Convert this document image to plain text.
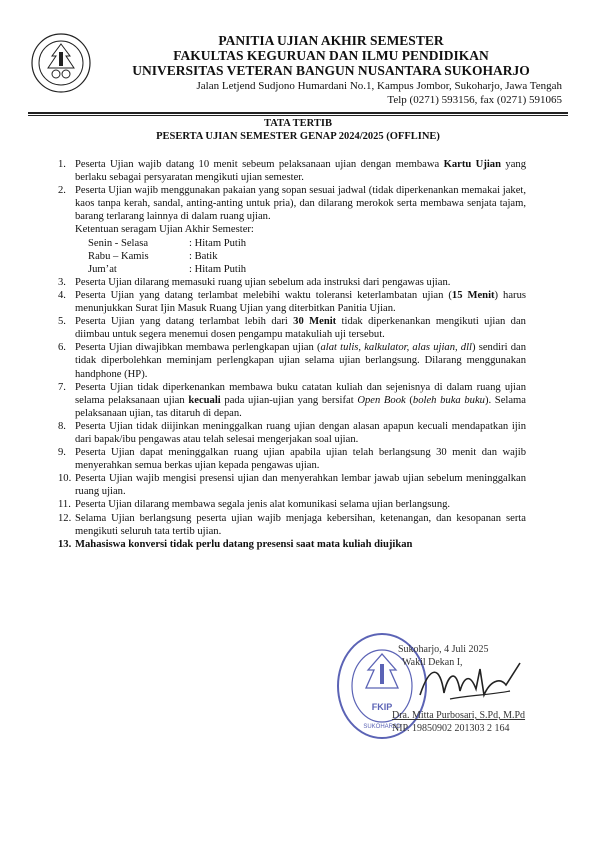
PANITIA UJIAN AKHIR SEMESTER
FAKULTAS KEGURUAN DAN ILMU PENDIDIKAN
UNIVERSITAS VETERAN BANGUN NUSANTARA SUKOHARJO
Jalan Letjend Sudjono Humardani No.1, Kampus Jombor, Sukoharjo, Jawa Tengah
Telp (0271) 593156, fax (0271) 591065
TATA TERTIB
PESERTA UJIAN SEMESTER GENAP 2024/2025 (OFFLINE)
1. Peserta Ujian wajib datang 10 menit sebeum pelaksanaan ujian dengan membawa Kartu Ujian yang berlaku sebagai persyaratan mengikuti ujian semester.
2. Peserta Ujian wajib menggunakan pakaian yang sopan sesuai jadwal (tidak diperkenankan memakai jaket, kaos tanpa kerah, sandal, anting-anting untuk pria), dan dilarang merokok serta membawa senjata tajam, barang terlarang lainnya di dalam ruang ujian.
Ketentuan seragam Ujian Akhir Semester:
Senin - Selasa	: Hitam Putih
Rabu – Kamis	: Batik
Jum’at	: Hitam Putih
3. Peserta Ujian dilarang memasuki ruang ujian sebelum ada instruksi dari pengawas ujian.
4. Peserta Ujian yang datang terlambat melebihi waktu toleransi keterlambatan ujian (15 Menit) harus menunjukkan Surat Ijin Masuk Ruang Ujian yang diterbitkan Panitia Ujian.
5. Peserta Ujian yang datang terlambat lebih dari 30 Menit tidak diperkenankan mengikuti ujian dan diimbau untuk segera menemui dosen pengampu matakuliah uji tersebut.
6. Peserta Ujian diwajibkan membawa perlengkapan ujian (alat tulis, kalkulator, alas ujian, dll) sendiri dan tidak diperbolehkan meminjam perlengkapan ujian selama ujian berlangsung. Dilarang menggunakan handphone (HP).
7. Peserta Ujian tidak diperkenankan membawa buku catatan kuliah dan sejenisnya di dalam ruang ujian selama pelaksanaan ujian kecuali pada ujian-ujian yang bersifat Open Book (boleh buka buku). Selama pelaksanaan ujian, tas ditaruh di depan.
8. Peserta Ujian tidak diijinkan meninggalkan ruang ujian dengan alasan apapun kecuali mendapatkan ijin dari bapak/ibu pengawas atau telah selesai mengerjakan soal ujian.
9. Peserta Ujian dapat meninggalkan ruang ujian apabila ujian telah berlangsung 30 menit dan wajib menyerahkan semua berkas ujian kepada pengawas ujian.
10. Peserta Ujian wajib mengisi presensi ujian dan menyerahkan lembar jawab ujian sebelum meninggalkan ruang ujian.
11. Peserta Ujian dilarang membawa segala jenis alat komunikasi selama ujian berlangsung.
12. Selama Ujian berlangsung peserta ujian wajib menjaga kebersihan, ketenangan, dan kesopanan serta mengikuti seluruh tata tertib ujian.
13. Mahasiswa konversi tidak perlu datang presensi saat mata kuliah diujikan
FKIP
SUKOHARJO
Sukoharjo, 4 Juli 2025
Wakil Dekan I,
Dra. Mitta Purbosari, S.Pd, M.Pd
NIP. 19850902 201303 2 164
